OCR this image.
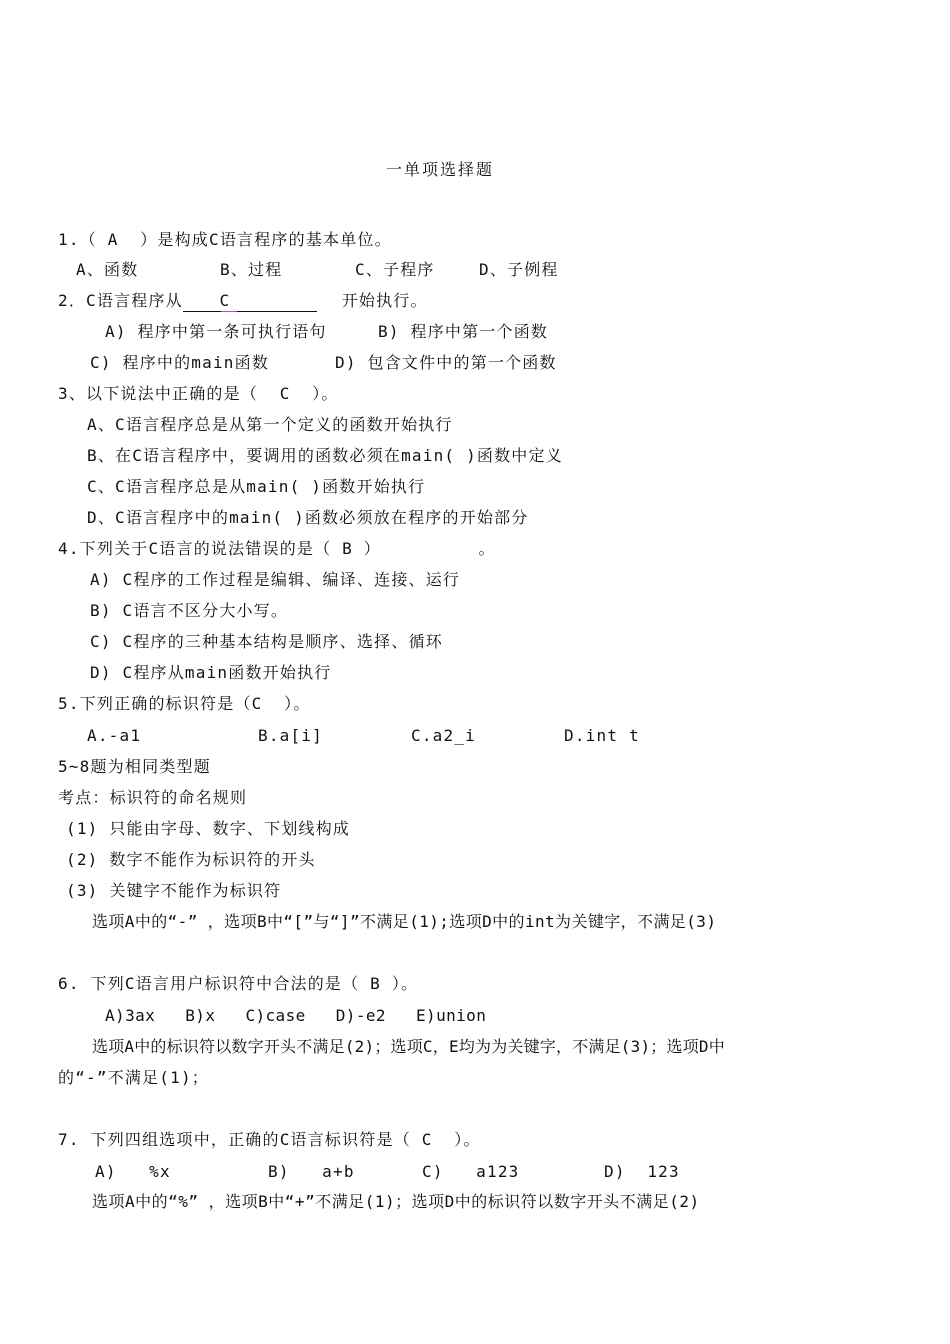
一单项选择题
1.（ A  ）是构成C语言程序的基本单位。
A、函数	B、过程	C、子程序	D、子例程
2．C语言程序从 C	开始执行。
A) 程序中第一条可执行语句	B) 程序中第一个函数
C) 程序中的main函数	D) 包含文件中的第一个函数
3、以下说法中正确的是（  C  ）。
A、C语言程序总是从第一个定义的函数开始执行
B、在C语言程序中，要调用的函数必须在main( )函数中定义
C、C语言程序总是从main( )函数开始执行
D、C语言程序中的main( )函数必须放在程序的开始部分
4.下列关于C语言的说法错误的是（ B ）         。
A) C程序的工作过程是编辑、编译、连接、运行
B) C语言不区分大小写。
C) C程序的三种基本结构是顺序、选择、循环
D) C程序从main函数开始执行
5.下列正确的标识符是（C  ）。
A.-a1	B.a[i]	C.a2_i	D.int t
5~8题为相同类型题
考点：标识符的命名规则
(1) 只能由字母、数字、下划线构成
(2) 数字不能作为标识符的开头
(3) 关键字不能作为标识符
选项A中的“-” ，选项B中“[”与“]”不满足(1);选项D中的int为关键字，不满足(3)
6. 下列C语言用户标识符中合法的是（ B ）。
A)3ax   B)x   C)case   D)-e2   E)union
选项A中的标识符以数字开头不满足(2)；选项C，E均为为关键字，不满足(3)；选项D中
的“-”不满足(1)；
7. 下列四组选项中，正确的C语言标识符是（ C  ）。
A)   %x	B)   a+b	C)   a123	D)  123
选项A中的“%” ，选项B中“+”不满足(1)；选项D中的标识符以数字开头不满足(2)
